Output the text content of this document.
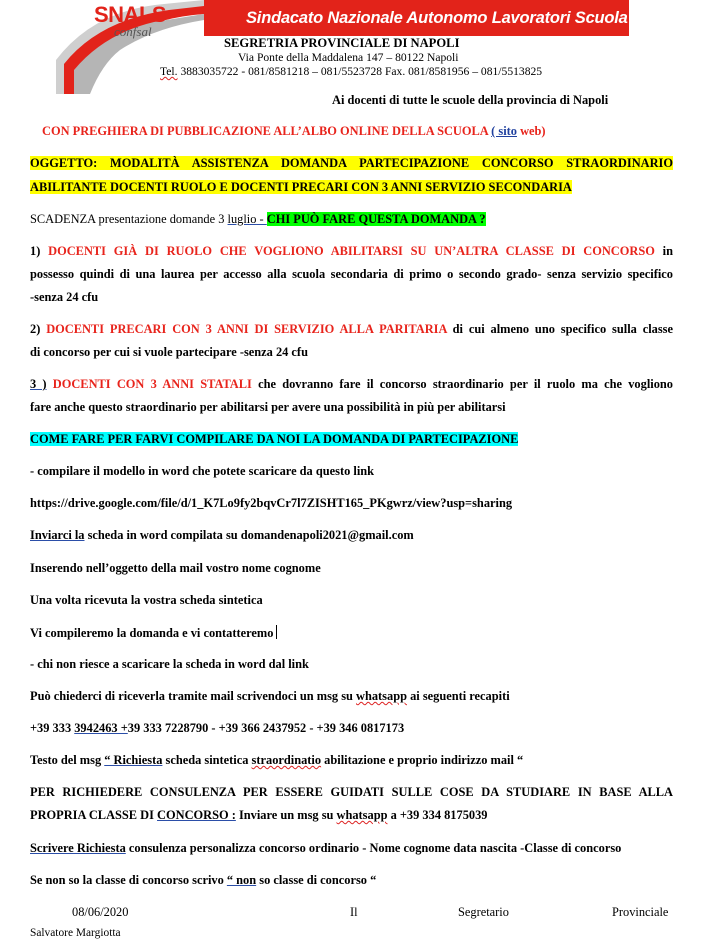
SNALS
confsal
Sindacato Nazionale Autonomo Lavoratori Scuola
SEGRETRIA PROVINCIALE DI NAPOLI
Via Ponte della Maddalena 147 – 80122 Napoli
Tel. 3883035722 - 081/8581218 – 081/5523728 Fax. 081/8581956 – 081/5513825
Ai docenti di tutte le scuole della provincia di Napoli
CON PREGHIERA DI PUBBLICAZIONE ALL’ALBO ONLINE DELLA SCUOLA ( sito web)
OGGETTO: MODALITÀ ASSISTENZA DOMANDA PARTECIPAZIONE CONCORSO STRAORDINARIO
ABILITANTE DOCENTI RUOLO E DOCENTI PRECARI CON 3 ANNI SERVIZIO SECONDARIA
SCADENZA presentazione domande 3 luglio - CHI PUÒ FARE QUESTA DOMANDA ?
1) DOCENTI GIÀ DI RUOLO CHE VOGLIONO ABILITARSI SU UN’ALTRA CLASSE DI CONCORSO in
possesso quindi di una laurea per accesso alla scuola secondaria di primo o secondo grado- senza servizio specifico
-senza 24 cfu
2) DOCENTI PRECARI CON 3 ANNI DI SERVIZIO ALLA PARITARIA di cui almeno uno specifico sulla classe
di concorso per cui si vuole partecipare -senza 24 cfu
3 ) DOCENTI CON 3 ANNI STATALI che dovranno fare il concorso straordinario per il ruolo ma che vogliono
fare anche questo straordinario per abilitarsi per avere una possibilità in più per abilitarsi
COME FARE PER FARVI COMPILARE DA NOI LA DOMANDA DI PARTECIPAZIONE
- compilare il modello in word che potete scaricare da questo link
https://drive.google.com/file/d/1_K7Lo9fy2bqvCr7l7ZISHT165_PKgwrz/view?usp=sharing
Inviarci la scheda in word compilata su domandenapoli2021@gmail.com
Inserendo nell’oggetto della mail vostro nome cognome
Una volta ricevuta la vostra scheda sintetica
Vi compileremo la domanda e vi contatteremo
- chi non riesce a scaricare la scheda in word dal link
Può chiederci di riceverla tramite mail scrivendoci un msg su whatsapp ai seguenti recapiti
+39 333 3942463 +39 333 7228790 - +39 366 2437952 - +39 346 0817173
Testo del msg “ Richiesta scheda sintetica straordinatio abilitazione e proprio indirizzo mail “
PER RICHIEDERE CONSULENZA PER ESSERE GUIDATI SULLE COSE DA STUDIARE IN BASE ALLA
PROPRIA CLASSE DI CONCORSO : Inviare un msg su whatsapp a +39 334 8175039
Scrivere Richiesta consulenza personalizza concorso ordinario - Nome cognome data nascita -Classe di concorso
Se non so la classe di concorso scrivo “ non so classe di concorso “
08/06/2020	Il	Segretario	Provinciale
Salvatore Margiotta
